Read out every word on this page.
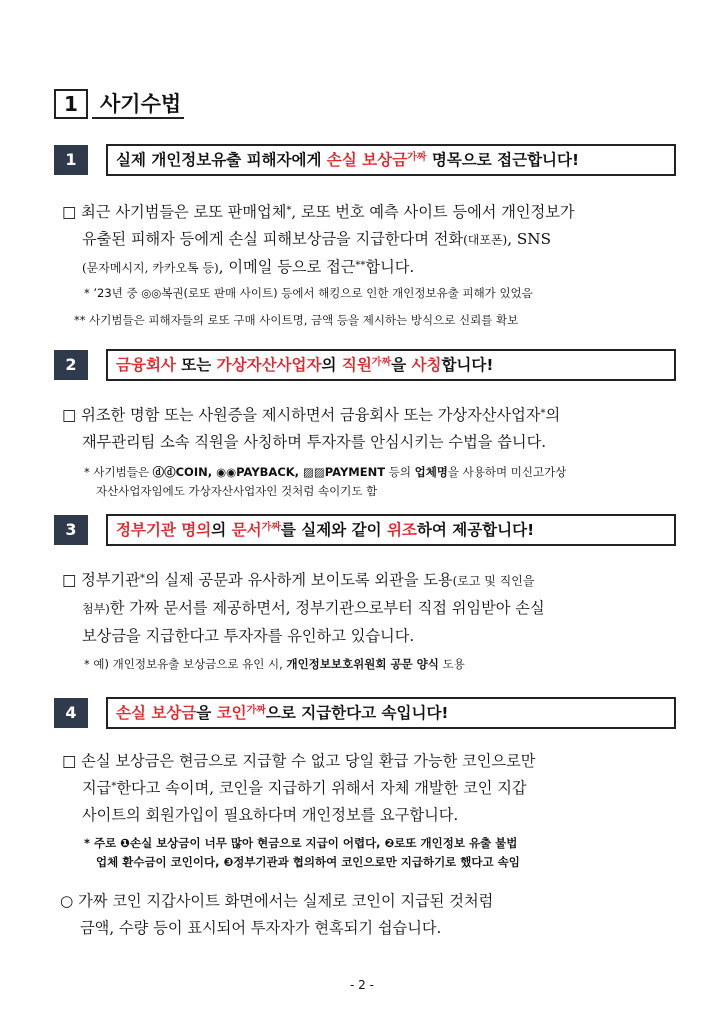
1	사기수법
1	실제 개인정보유출 피해자에게 손실 보상금$^{가짜}$ 명목으로 접근합니다!
□ 최근 사기범들은 로또 판매업체*, 로또 번호 예측 사이트 등에서 개인정보가
유출된 피해자 등에게 손실 피해보상금을 지급한다며 전화(대포폰), SNS
(문자메시지, 카카오톡 등), 이메일 등으로 접근**합니다.
* ’23년 중 ◎◎복권(로또 판매 사이트) 등에서 해킹으로 인한 개인정보유출 피해가 있었음
** 사기범들은 피해자들의 로또 구매 사이트명, 금액 등을 제시하는 방식으로 신뢰를 확보
2	금융회사 또는 가상자산사업자의 직원$^{가짜}$을 사칭합니다!
□ 위조한 명함 또는 사원증을 제시하면서 금융회사 또는 가상자산사업자*의
재무관리팀 소속 직원을 사칭하며 투자자를 안심시키는 수법을 씁니다.
* 사기범들은 ⓓⓓCOIN, ◉◉PAYBACK, ▨▨PAYMENT 등의 업체명을 사용하며 미신고가상
자산사업자임에도 가상자산사업자인 것처럼 속이기도 함
3	정부기관 명의의 문서$^{가짜}$를 실제와 같이 위조하여 제공합니다!
□ 정부기관*의 실제 공문과 유사하게 보이도록 외관을 도용(로고 및 직인을
첨부)한 가짜 문서를 제공하면서, 정부기관으로부터 직접 위임받아 손실
보상금을 지급한다고 투자자를 유인하고 있습니다.
* 예) 개인정보유출 보상금으로 유인 시, 개인정보보호위원회 공문 양식 도용
4	손실 보상금을 코인$^{가짜}$으로 지급한다고 속입니다!
□ 손실 보상금은 현금으로 지급할 수 없고 당일 환급 가능한 코인으로만
지급*한다고 속이며, 코인을 지급하기 위해서 자체 개발한 코인 지갑
사이트의 회원가입이 필요하다며 개인정보를 요구합니다.
* 주로 ❶손실 보상금이 너무 많아 현금으로 지급이 어렵다, ❷로또 개인정보 유출 불법
업체 환수금이 코인이다, ❸정부기관과 협의하여 코인으로만 지급하기로 했다고 속임
○ 가짜 코인 지갑사이트 화면에서는 실제로 코인이 지급된 것처럼
금액, 수량 등이 표시되어 투자자가 현혹되기 쉽습니다.
- 2 -
